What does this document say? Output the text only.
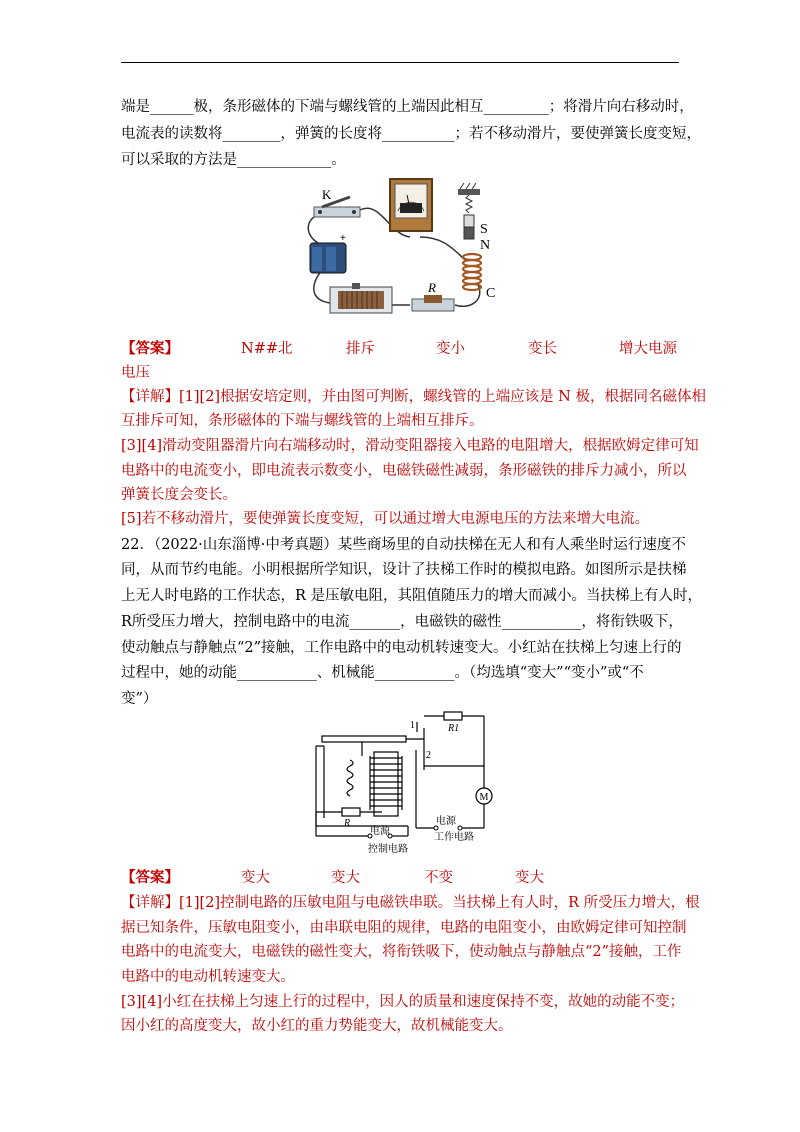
端是______极，条形磁体的下端与螺线管的上端因此相互_________；将滑片向右移动时，
电流表的读数将________，弹簧的长度将__________；若不移动滑片，要使弹簧长度变短，
可以采取的方法是_____________。
K
+
R
S
N
C
【答案】	N##北	排斥	变小	变长	增大电源
电压
【详解】[1][2]根据安培定则，并由图可判断，螺线管的上端应该是 N 极，根据同名磁体相
互排斥可知，条形磁体的下端与螺线管的上端相互排斥。
[3][4]滑动变阻器滑片向右端移动时，滑动变阻器接入电路的电阻增大，根据欧姆定律可知
电路中的电流变小，即电流表示数变小，电磁铁磁性减弱，条形磁铁的排斥力减小，所以
弹簧长度会变长。
[5]若不移动滑片，要使弹簧长度变短，可以通过增大电源电压的方法来增大电流。
22．（2022·山东淄博·中考真题）某些商场里的自动扶梯在无人和有人乘坐时运行速度不
同，从而节约电能。小明根据所学知识，设计了扶梯工作时的模拟电路。如图所示是扶梯
上无人时电路的工作状态，R 是压敏电阻，其阻值随压力的增大而减小。当扶梯上有人时，
R所受压力增大，控制电路中的电流_______，电磁铁的磁性___________，将衔铁吸下，
使动触点与静触点“2”接触，工作电路中的电动机转速变大。小红站在扶梯上匀速上行的
过程中，她的动能___________、机械能___________。（均选填“变大”“变小”或“不
变”）
R1
1
2
M
R
电源
电源
控制电路
工作电路
【答案】	变大	变大	不变	变大
【详解】[1][2]控制电路的压敏电阻与电磁铁串联。当扶梯上有人时，R 所受压力增大，根
据已知条件，压敏电阻变小，由串联电阻的规律，电路的电阻变小，由欧姆定律可知控制
电路中的电流变大，电磁铁的磁性变大，将衔铁吸下，使动触点与静触点“2”接触，工作
电路中的电动机转速变大。
[3][4]小红在扶梯上匀速上行的过程中，因人的质量和速度保持不变，故她的动能不变；
因小红的高度变大，故小红的重力势能变大，故机械能变大。
